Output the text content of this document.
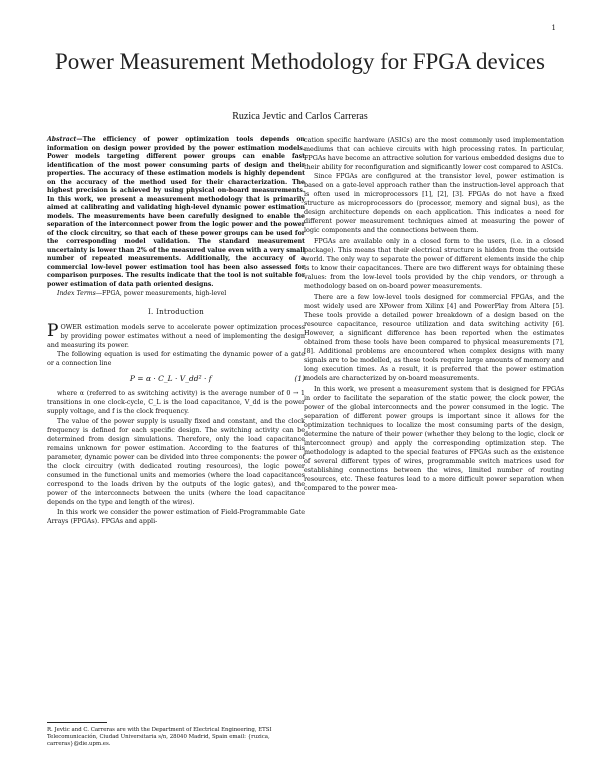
1
Power Measurement Methodology for FPGA devices
Ruzica Jevtic and Carlos Carreras

Abstract—The efficiency of power optimization tools depends on information on design power provided by the power estimation models. Power models targeting different power groups can enable fast identification of the most power consuming parts of design and their properties. The accuracy of these estimation models is highly dependent on the accuracy of the method used for their characterization. The highest precision is achieved by using physical on-board measurements. In this work, we present a measurement methodology that is primarily aimed at calibrating and validating high-level dynamic power estimation models. The measurements have been carefully designed to enable the separation of the interconnect power from the logic power and the power of the clock circuitry, so that each of these power groups can be used for the corresponding model validation. The standard measurement uncertainty is lower than 2% of the measured value even with a very small number of repeated measurements. Additionally, the accuracy of a commercial low-level power estimation tool has been also assessed for comparison purposes. The results indicate that the tool is not suitable for power estimation of data path oriented designs.

Index Terms—FPGA, power measurements, high-level

I. Introduction

POWER estimation models serve to accelerate power optimization process by providing power estimates without a need of implementing the design and measuring its power.

The following equation is used for estimating the dynamic power of a gate or a connection line

P = α · C_L · V_dd² · f	(1)

where α (referred to as switching activity) is the average number of 0 → 1 transitions in one clock-cycle, C_L is the load capacitance, V_dd is the power supply voltage, and f is the clock frequency.

The value of the power supply is usually fixed and constant, and the clock frequency is defined for each specific design. The switching activity can be determined from design simulations. Therefore, only the load capacitance remains unknown for power estimation. According to the features of this parameter, dynamic power can be divided into three components: the power of the clock circuitry (with dedicated routing resources), the logic power consumed in the functional units and memories (where the load capacitances correspond to the loads driven by the outputs of the logic gates), and the power of the interconnects between the units (where the load capacitance depends on the type and length of the wires).

In this work we consider the power estimation of Field-Programmable Gate Arrays (FPGAs). FPGAs and appli-

R. Jevtic and C. Carreras are with the Department of Electrical Engineering, ETSI Telecomunicación, Ciudad Universitaria s/n, 28040 Madrid, Spain email: {ruzica, carreras}@die.upm.es.

cation specific hardware (ASICs) are the most commonly used implementation mediums that can achieve circuits with high processing rates. In particular, FPGAs have become an attractive solution for various embedded designs due to their ability for reconfiguration and significantly lower cost compared to ASICs.

Since FPGAs are configured at the transistor level, power estimation is based on a gate-level approach rather than the instruction-level approach that is often used in microprocessors [1], [2], [3]. FPGAs do not have a fixed structure as microprocessors do (processor, memory and signal bus), as the design architecture depends on each application. This indicates a need for different power measurement techniques aimed at measuring the power of logic components and the connections between them.

FPGAs are available only in a closed form to the users, (i.e. in a closed package). This means that their electrical structure is hidden from the outside world. The only way to separate the power of different elements inside the chip is to know their capacitances. There are two different ways for obtaining these values: from the low-level tools provided by the chip vendors, or through a methodology based on on-board power measurements.

There are a few low-level tools designed for commercial FPGAs, and the most widely used are XPower from Xilinx [4] and PowerPlay from Altera [5]. These tools provide a detailed power breakdown of a design based on the resource capacitance, resource utilization and data switching activity [6]. However, a significant difference has been reported when the estimates obtained from these tools have been compared to physical measurements [7], [8]. Additional problems are encountered when complex designs with many signals are to be modelled, as these tools require large amounts of memory and long execution times. As a result, it is preferred that the power estimation models are characterized by on-board measurements.

In this work, we present a measurement system that is designed for FPGAs in order to facilitate the separation of the static power, the clock power, the power of the global interconnects and the power consumed in the logic. The separation of different power groups is important since it allows for the optimization techniques to localize the most consuming parts of the design, determine the nature of their power (whether they belong to the logic, clock or interconnect group) and apply the corresponding optimization step. The methodology is adapted to the special features of FPGAs such as the existence of several different types of wires, programmable switch matrices used for establishing connections between the wires, limited number of routing resources, etc. These features lead to a more difficult power separation when compared to the power mea-
